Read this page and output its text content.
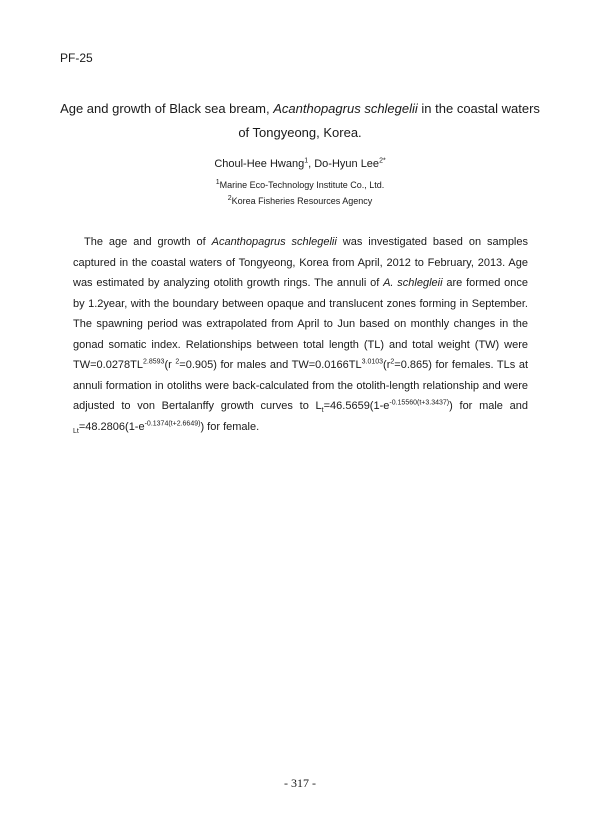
PF-25
Age and growth of Black sea bream, Acanthopagrus schlegelii in the coastal waters of Tongyeong, Korea.
Choul-Hee Hwang$^1$, Do-Hyun Lee$^{2*}$
$^1$Marine Eco-Technology Institute Co., Ltd.
$^2$Korea Fisheries Resources Agency
The age and growth of Acanthopagrus schlegelii was investigated based on samples captured in the coastal waters of Tongyeong, Korea from April, 2012 to February, 2013. Age was estimated by analyzing otolith growth rings. The annuli of A. schlegleii are formed once by 1.2year, with the boundary between opaque and translucent zones forming in September. The spawning period was extrapolated from April to Jun based on monthly changes in the gonad somatic index. Relationships between total length (TL) and total weight (TW) were $TW=0.0278TL^{2.8593}(r$ $^2$=0.905) for males and $TW=0.0166TL^{3.0103}(r^2=0.865)$ for females. TLs at annuli formation in otoliths were back-calculated from the otolith-length relationship and were adjusted to von Bertalanffy growth curves to $L_t=46.5659(1-e^{-0.15560(t+3.3437)})$ for male and $_{Lt}=48.2806(1-e^{-0.1374(t+2.6649)})$ for female.
- 317 -
